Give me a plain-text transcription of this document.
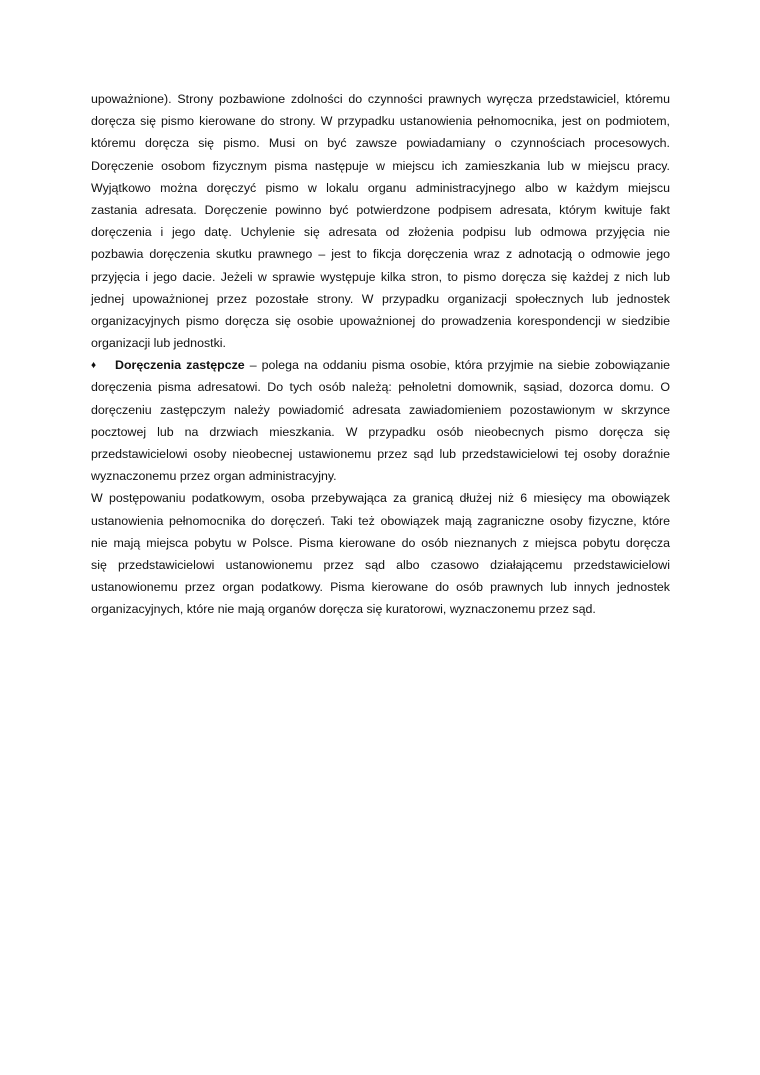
upoważnione). Strony pozbawione zdolności do czynności prawnych wyręcza przedstawiciel, któremu
doręcza się pismo kierowane do strony. W przypadku ustanowienia pełnomocnika, jest on podmiotem,
któremu doręcza się pismo. Musi on być zawsze powiadamiany o czynnościach procesowych.
Doręczenie osobom fizycznym pisma następuje w miejscu ich zamieszkania lub w miejscu pracy.
Wyjątkowo można doręczyć pismo w lokalu organu administracyjnego albo w każdym miejscu
zastania adresata. Doręczenie powinno być potwierdzone podpisem adresata, którym kwituje fakt
doręczenia i jego datę. Uchylenie się adresata od złożenia podpisu lub odmowa przyjęcia nie
pozbawia doręczenia skutku prawnego – jest to fikcja doręczenia wraz z adnotacją o odmowie jego
przyjęcia i jego dacie. Jeżeli w sprawie występuje kilka stron, to pismo doręcza się każdej z nich lub
jednej upoważnionej przez pozostałe strony. W przypadku organizacji społecznych lub jednostek
organizacyjnych pismo doręcza się osobie upoważnionej do prowadzenia korespondencji w siedzibie
organizacji lub jednostki.
♦ Doręczenia zastępcze – polega na oddaniu pisma osobie, która przyjmie na siebie zobowiązanie
doręczenia pisma adresatowi. Do tych osób należą: pełnoletni domownik, sąsiad, dozorca domu. O
doręczeniu zastępczym należy powiadomić adresata zawiadomieniem pozostawionym w skrzynce
pocztowej lub na drzwiach mieszkania. W przypadku osób nieobecnych pismo doręcza się
przedstawicielowi osoby nieobecnej ustawionemu przez sąd lub przedstawicielowi tej osoby doraźnie
wyznaczonemu przez organ administracyjny.
W postępowaniu podatkowym, osoba przebywająca za granicą dłużej niż 6 miesięcy ma obowiązek
ustanowienia pełnomocnika do doręczeń. Taki też obowiązek mają zagraniczne osoby fizyczne, które
nie mają miejsca pobytu w Polsce. Pisma kierowane do osób nieznanych z miejsca pobytu doręcza
się przedstawicielowi ustanowionemu przez sąd albo czasowo działającemu przedstawicielowi
ustanowionemu przez organ podatkowy. Pisma kierowane do osób prawnych lub innych jednostek
organizacyjnych, które nie mają organów doręcza się kuratorowi, wyznaczonemu przez sąd.
